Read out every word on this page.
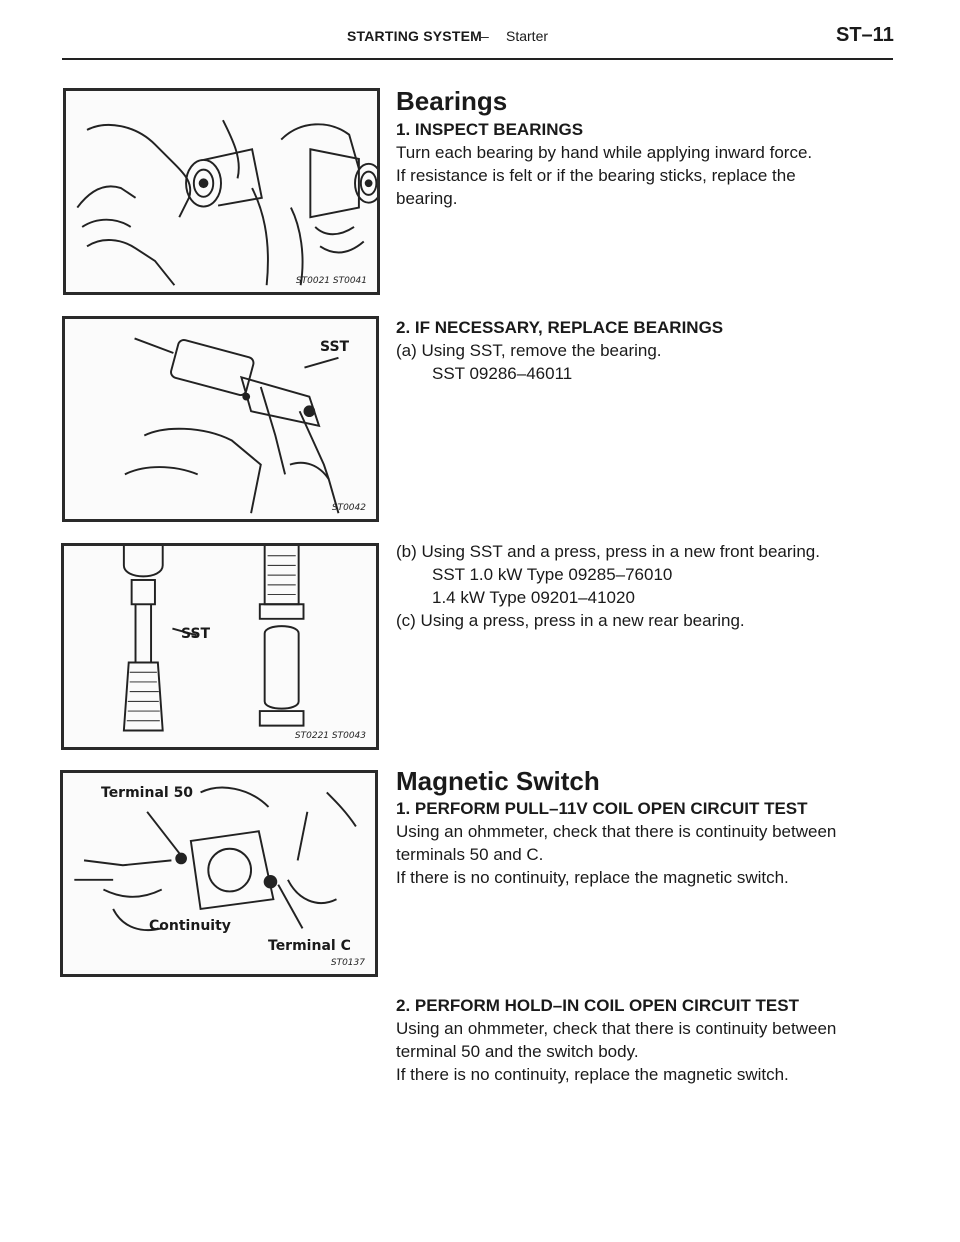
STARTING SYSTEM – Starter	ST–11
ST0021 ST0041
SST
ST0042
SST
ST0221 ST0043
Terminal 50
Continuity
Terminal C
ST0137
Bearings
1. INSPECT BEARINGS
Turn each bearing by hand while applying inward force.
If resistance is felt or if the bearing sticks, replace the
bearing.
2. IF NECESSARY, REPLACE BEARINGS
(a) Using SST, remove the bearing.
SST 09286–46011
(b) Using SST and a press, press in a new front bearing.
SST 1.0 kW Type 09285–76010
1.4 kW Type 09201–41020
(c) Using a press, press in a new rear bearing.
Magnetic Switch
1. PERFORM PULL–11V COIL OPEN CIRCUIT TEST
Using an ohmmeter, check that there is continuity between
terminals 50 and C.
If there is no continuity, replace the magnetic switch.
2. PERFORM HOLD–IN COIL OPEN CIRCUIT TEST
Using an ohmmeter, check that there is continuity between
terminal 50 and the switch body.
If there is no continuity, replace the magnetic switch.
